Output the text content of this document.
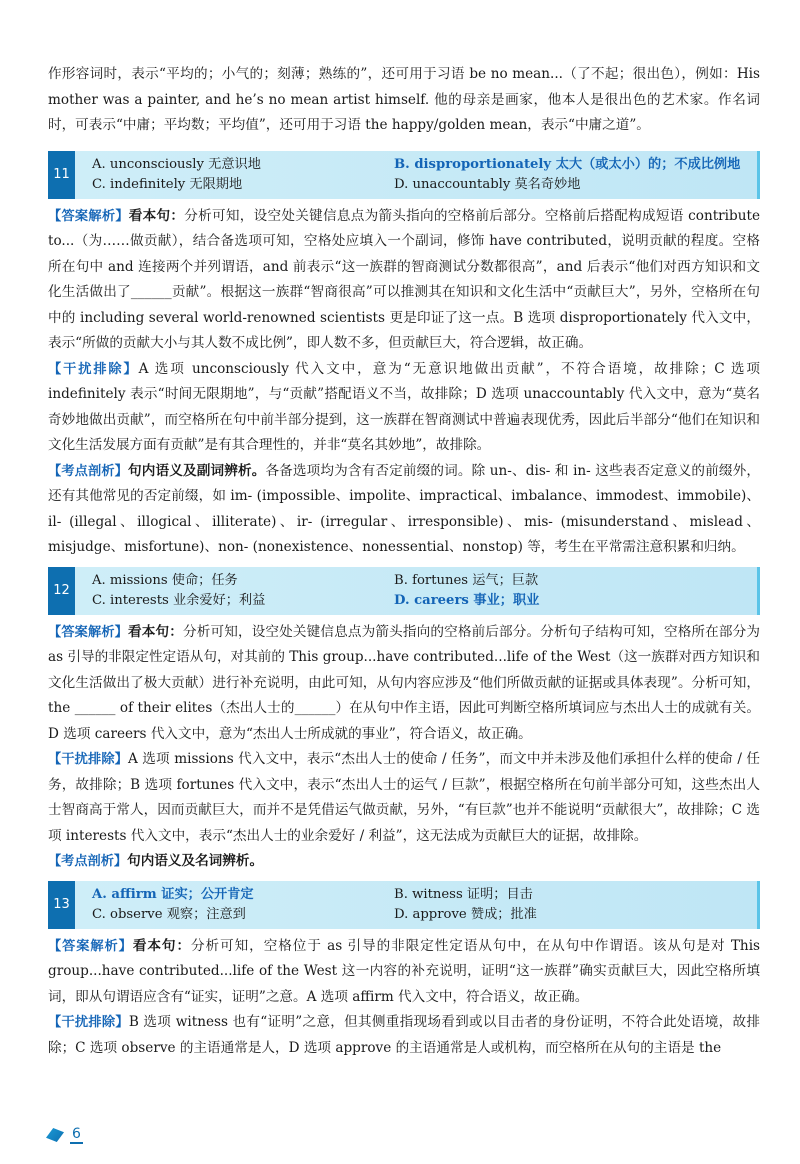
作形容词时，表示“平均的；小气的；刻薄；熟练的”，还可用于习语 be no mean...（了不起；很出色），例如：His mother was a painter, and he’s no mean artist himself. 他的母亲是画家，他本人是很出色的艺术家。作名词时，可表示“中庸；平均数；平均值”，还可用于习语 the happy/golden mean，表示“中庸之道”。

11
A. unconsciously 无意识地	B. disproportionately 太大（或太小）的；不成比例地
C. indefinitely 无限期地	D. unaccountably 莫名奇妙地

【答案解析】看本句：分析可知，设空处关键信息点为箭头指向的空格前后部分。空格前后搭配构成短语 contribute to...（为……做贡献），结合备选项可知，空格处应填入一个副词，修饰 have contributed，说明贡献的程度。空格所在句中 and 连接两个并列谓语，and 前表示“这一族群的智商测试分数都很高”，and 后表示“他们对西方知识和文化生活做出了______贡献”。根据这一族群“智商很高”可以推测其在知识和文化生活中“贡献巨大”，另外，空格所在句中的 including several world-renowned scientists 更是印证了这一点。B 选项 disproportionately 代入文中，表示“所做的贡献大小与其人数不成比例”，即人数不多，但贡献巨大，符合逻辑，故正确。

【干扰排除】A 选项 unconsciously 代入文中，意为“无意识地做出贡献”，不符合语境，故排除；C 选项 indefinitely 表示“时间无限期地”，与“贡献”搭配语义不当，故排除；D 选项 unaccountably 代入文中，意为“莫名奇妙地做出贡献”，而空格所在句中前半部分提到，这一族群在智商测试中普遍表现优秀，因此后半部分“他们在知识和文化生活发展方面有贡献”是有其合理性的，并非“莫名其妙地”，故排除。

【考点剖析】句内语义及副词辨析。各备选项均为含有否定前缀的词。除 un-、dis- 和 in- 这些表否定意义的前缀外，还有其他常见的否定前缀，如 im- (impossible、impolite、impractical、imbalance、immodest、immobile)、il- (illegal、illogical、illiterate)、ir- (irregular、irresponsible)、mis- (misunderstand、mislead、misjudge、misfortune)、non- (nonexistence、nonessential、nonstop) 等，考生在平常需注意积累和归纳。

12
A. missions 使命；任务	B. fortunes 运气；巨款
C. interests 业余爱好；利益	D. careers 事业；职业

【答案解析】看本句：分析可知，设空处关键信息点为箭头指向的空格前后部分。分析句子结构可知，空格所在部分为 as 引导的非限定性定语从句，对其前的 This group...have contributed...life of the West（这一族群对西方知识和文化生活做出了极大贡献）进行补充说明，由此可知，从句内容应涉及“他们所做贡献的证据或具体表现”。分析可知，the ______ of their elites（杰出人士的______）在从句中作主语，因此可判断空格所填词应与杰出人士的成就有关。D 选项 careers 代入文中，意为“杰出人士所成就的事业”，符合语义，故正确。

【干扰排除】A 选项 missions 代入文中，表示“杰出人士的使命 / 任务”，而文中并未涉及他们承担什么样的使命 / 任务，故排除；B 选项 fortunes 代入文中，表示“杰出人士的运气 / 巨款”，根据空格所在句前半部分可知，这些杰出人士智商高于常人，因而贡献巨大，而并不是凭借运气做贡献，另外，“有巨款”也并不能说明“贡献很大”，故排除；C 选项 interests 代入文中，表示“杰出人士的业余爱好 / 利益”，这无法成为贡献巨大的证据，故排除。

【考点剖析】句内语义及名词辨析。

13
A. affirm 证实；公开肯定	B. witness 证明；目击
C. observe 观察；注意到	D. approve 赞成；批准

【答案解析】看本句：分析可知，空格位于 as 引导的非限定性定语从句中，在从句中作谓语。该从句是对 This group...have contributed...life of the West 这一内容的补充说明，证明“这一族群”确实贡献巨大，因此空格所填词，即从句谓语应含有“证实，证明”之意。A 选项 affirm 代入文中，符合语义，故正确。

【干扰排除】B 选项 witness 也有“证明”之意，但其侧重指现场看到或以目击者的身份证明，不符合此处语境，故排除；C 选项 observe 的主语通常是人，D 选项 approve 的主语通常是人或机构，而空格所在从句的主语是 the

6
